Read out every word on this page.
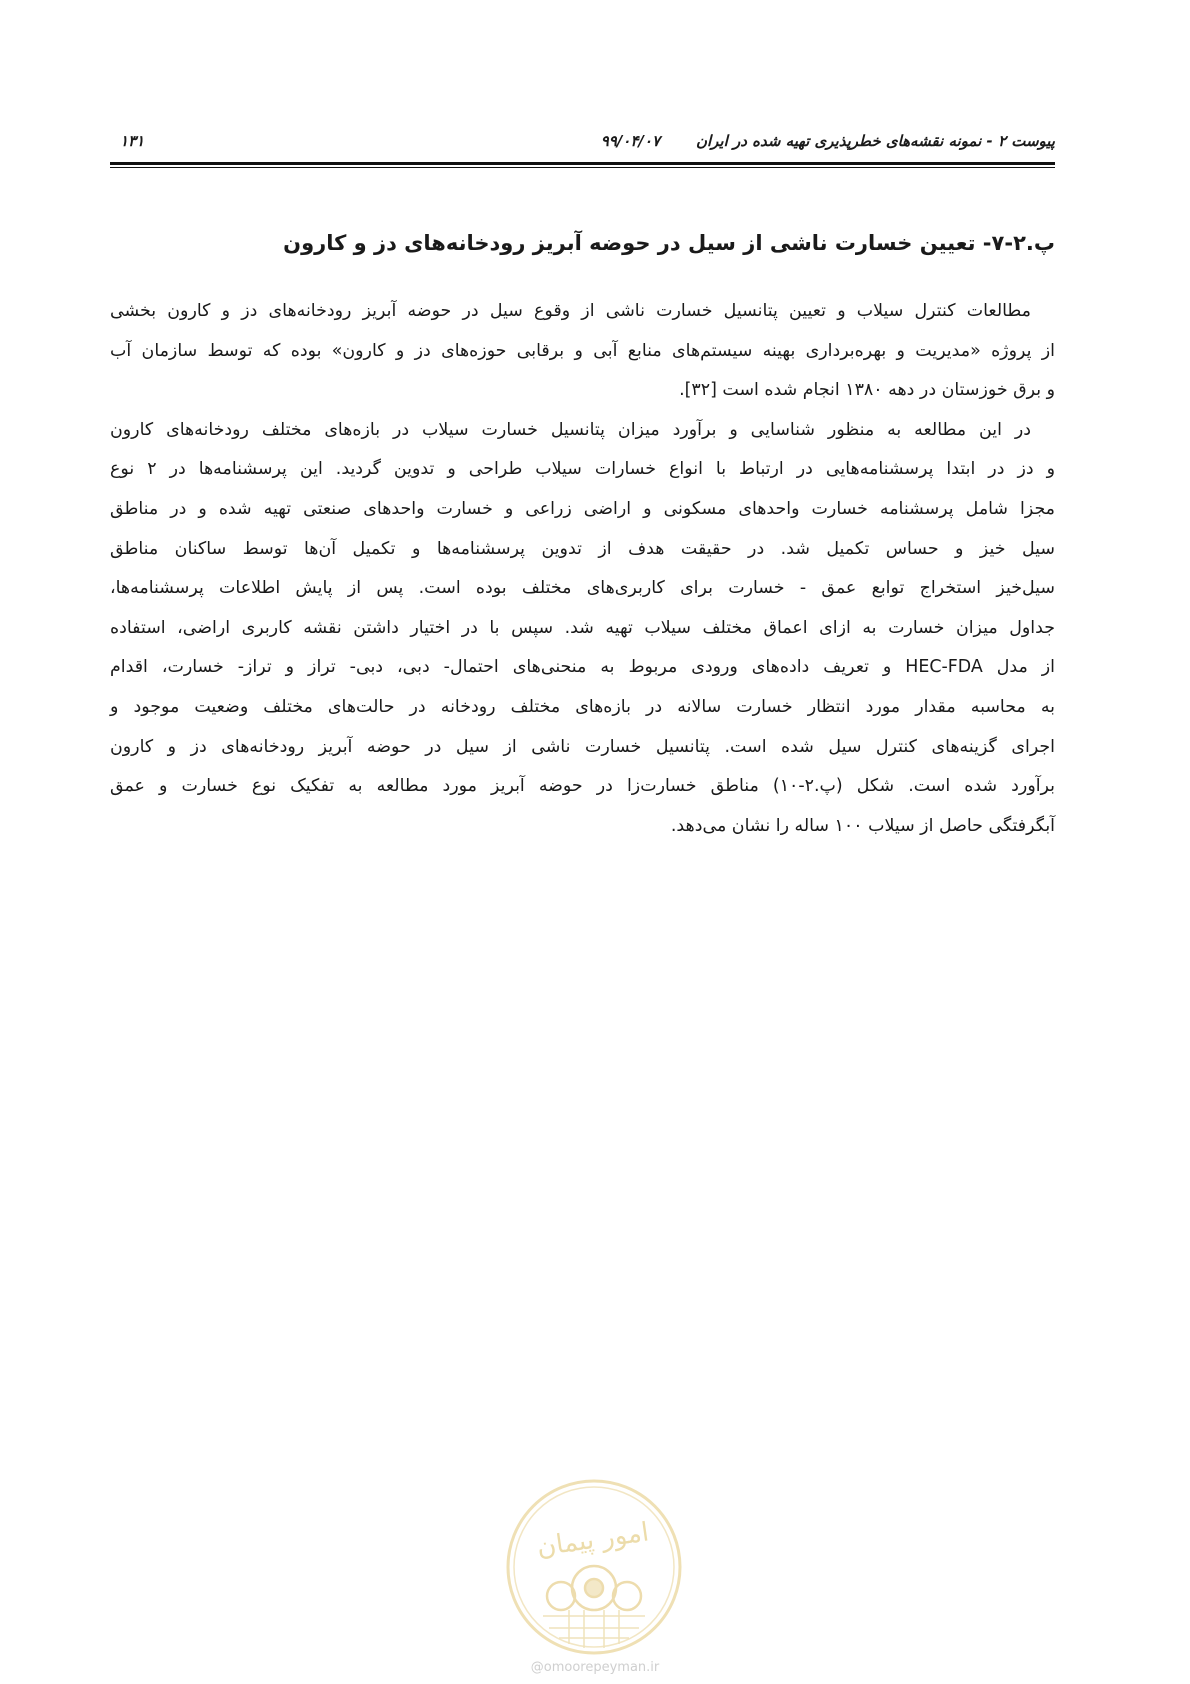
پیوست ۲ - نمونه نقشه‌های خطرپذیری تهیه شده در ایران
۹۹/۰۴/۰۷
۱۳۱
پ.۲-۷- تعیین خسارت ناشی از سیل در حوضه آبریز رودخانه‌های دز و کارون
مطالعات کنترل سیلاب و تعیین پتانسیل خسارت ناشی از وقوع سیل در حوضه آبریز رودخانه‌های دز و کارون بخشی
از پروژه «مدیریت و بهره‌برداری بهینه سیستم‌های منابع آبی و برقابی حوزه‌های دز و کارون» بوده که توسط سازمان آب
و برق خوزستان در دهه ۱۳۸۰ انجام شده است [۳۲].
در این مطالعه به منظور شناسایی و برآورد میزان پتانسیل خسارت سیلاب در بازه‌های مختلف رودخانه‌های کارون
و دز در ابتدا پرسشنامه‌هایی در ارتباط با انواع خسارات سیلاب طراحی و تدوین گردید. این پرسشنامه‌ها در ۲ نوع
مجزا شامل پرسشنامه خسارت واحدهای مسکونی و اراضی زراعی و خسارت واحدهای صنعتی تهیه شده و در مناطق
سیل خیز و حساس تکمیل شد. در حقیقت هدف از تدوین پرسشنامه‌ها و تکمیل آن‌ها توسط ساکنان مناطق
سیل‌خیز استخراج توابع عمق - خسارت برای کاربری‌های مختلف بوده است. پس از پایش اطلاعات پرسشنامه‌ها،
جداول میزان خسارت به ازای اعماق مختلف سیلاب تهیه شد. سپس با در اختیار داشتن نقشه کاربری اراضی، استفاده
از مدل HEC-FDA و تعریف داده‌های ورودی مربوط به منحنی‌های احتمال- دبی، دبی- تراز و تراز- خسارت، اقدام
به محاسبه مقدار مورد انتظار خسارت سالانه در بازه‌های مختلف رودخانه در حالت‌های مختلف وضعیت موجود و
اجرای گزینه‌های کنترل سیل شده است. پتانسیل خسارت ناشی از سیل در حوضه آبریز رودخانه‌های دز و کارون
برآورد شده است. شکل (پ.۲-۱۰) مناطق خسارت‌زا در حوضه آبریز مورد مطالعه به تفکیک نوع خسارت و عمق
آبگرفتگی حاصل از سیلاب ۱۰۰ ساله را نشان می‌دهد.
امور پیمان
@omoorepeyman.ir
